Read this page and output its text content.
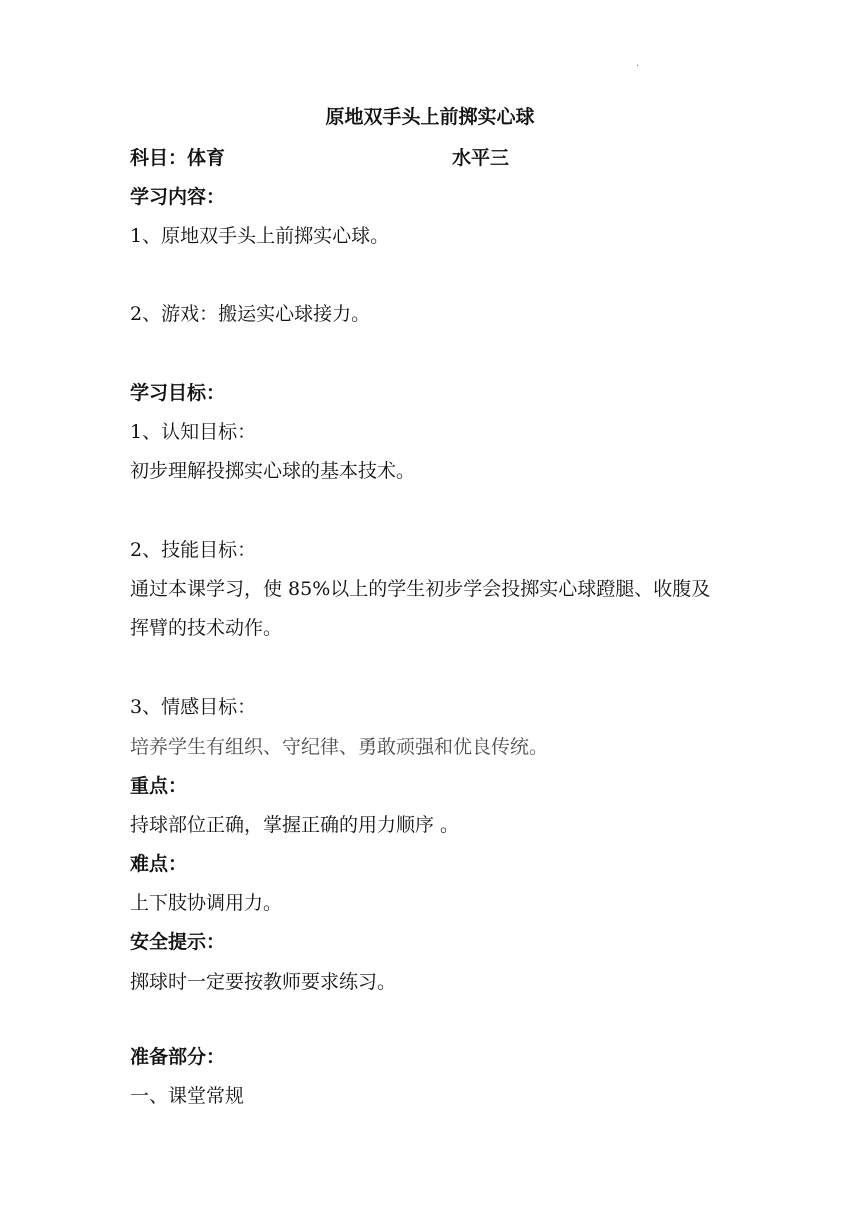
.
原地双手头上前掷实心球
科目：体育	水平三
学习内容：
1、原地双手头上前掷实心球。
2、游戏：搬运实心球接力。
学习目标：
1、认知目标：
初步理解投掷实心球的基本技术。
2、技能目标：
通过本课学习，使 85%以上的学生初步学会投掷实心球蹬腿、收腹及
挥臂的技术动作。
3、情感目标：
培养学生有组织、守纪律、勇敢顽强和优良传统。
重点：
持球部位正确，掌握正确的用力顺序 。
难点：
上下肢协调用力。
安全提示：
掷球时一定要按教师要求练习。
准备部分：
一、课堂常规
